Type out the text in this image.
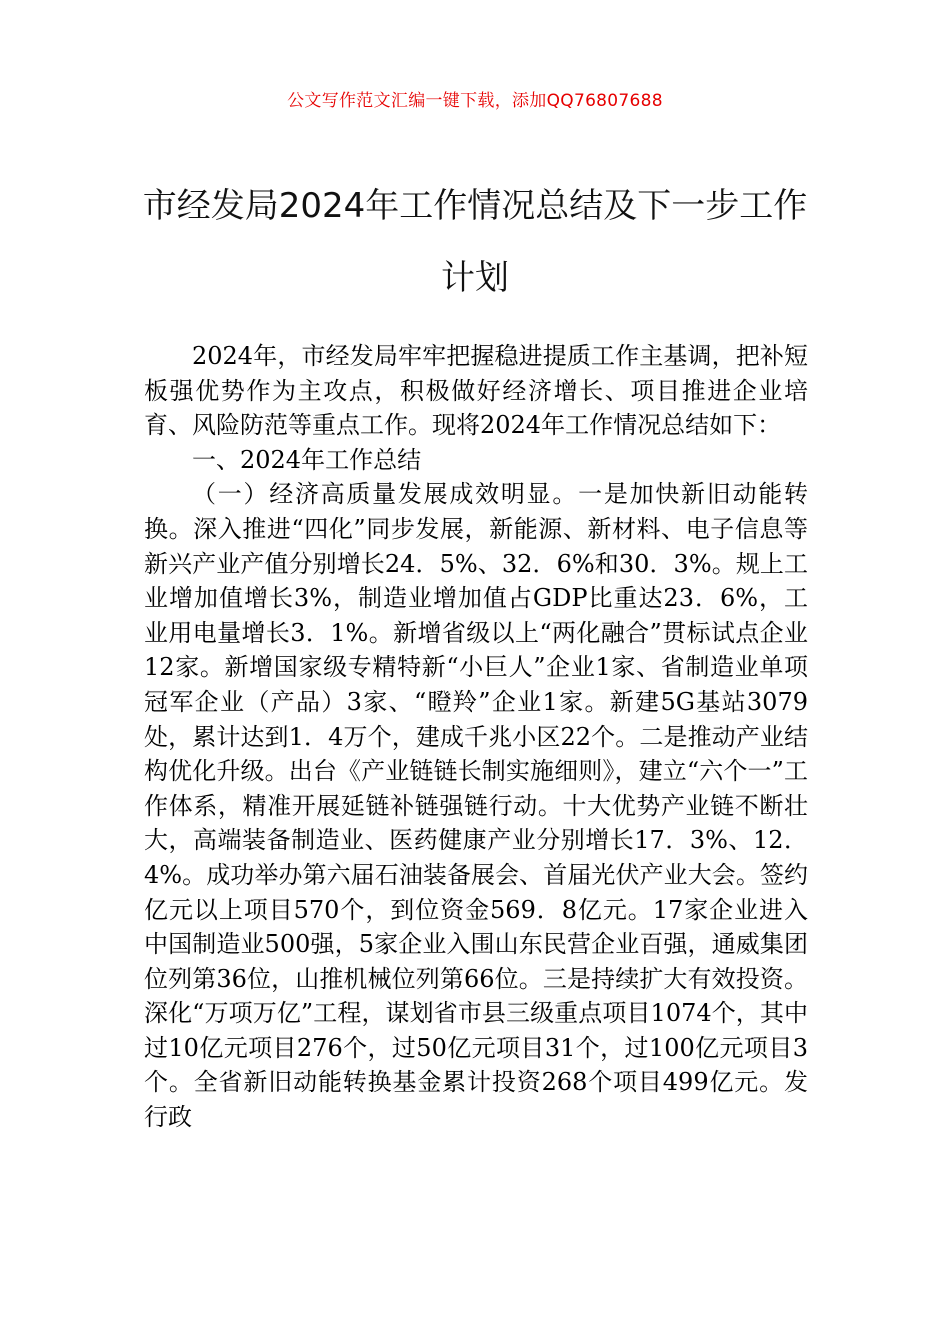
公文写作范文汇编一键下载，添加QQ76807688
市经发局2024年工作情况总结及下一步工作计划

2024年，市经发局牢牢把握稳进提质工作主基调，把补短板强优势作为主攻点，积极做好经济增长、项目推进企业培育、风险防范等重点工作。现将2024年工作情况总结如下：

一、2024年工作总结

（一）经济高质量发展成效明显。一是加快新旧动能转换。深入推进“四化”同步发展，新能源、新材料、电子信息等新兴产业产值分别增长24．5%、32．6%和30．3%。规上工业增加值增长3%，制造业增加值占GDP比重达23．6%，工业用电量增长3．1%。新增省级以上“两化融合”贯标试点企业12家。新增国家级专精特新“小巨人”企业1家、省制造业单项冠军企业（产品）3家、“瞪羚”企业1家。新建5G基站3079处，累计达到1．4万个，建成千兆小区22个。二是推动产业结构优化升级。出台《产业链链长制实施细则》，建立“六个一”工作体系，精准开展延链补链强链行动。十大优势产业链不断壮大，高端装备制造业、医药健康产业分别增长17．3%、12．4%。成功举办第六届石油装备展会、首届光伏产业大会。签约亿元以上项目570个，到位资金569．8亿元。17家企业进入中国制造业500强，5家企业入围山东民营企业百强，通威集团位列第36位，山推机械位列第66位。三是持续扩大有效投资。深化“万项万亿”工程，谋划省市县三级重点项目1074个，其中过10亿元项目276个，过50亿元项目31个，过100亿元项目3个。全省新旧动能转换基金累计投资268个项目499亿元。发行政
